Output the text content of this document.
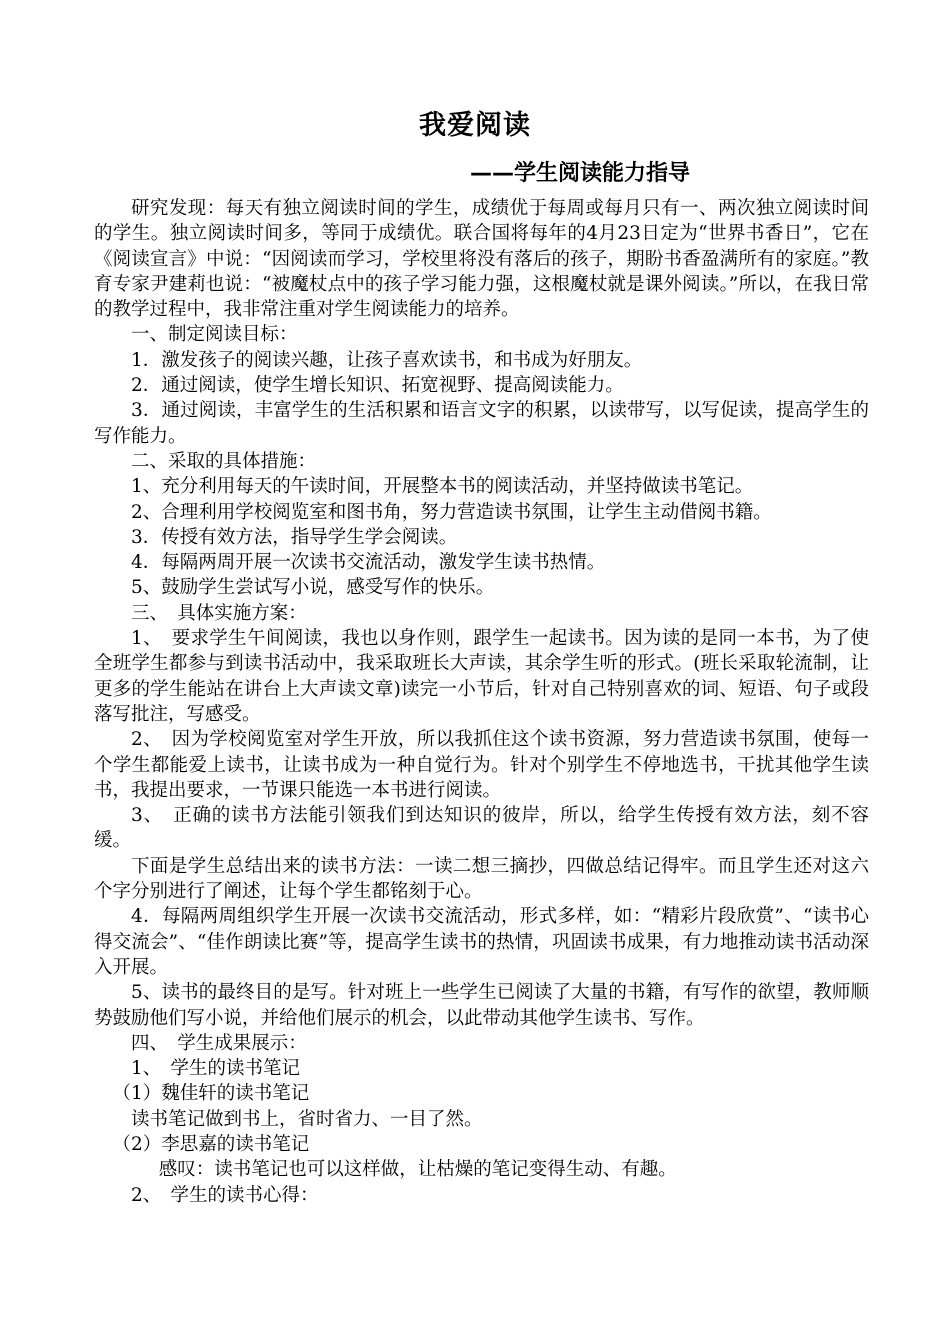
我爱阅读
——学生阅读能力指导

研究发现：每天有独立阅读时间的学生，成绩优于每周或每月只有一、两次独立阅读时间的学生。独立阅读时间多，等同于成绩优。联合国将每年的4月23日定为“世界书香日”，它在《阅读宣言》中说：“因阅读而学习，学校里将没有落后的孩子，期盼书香盈满所有的家庭。”教育专家尹建莉也说：“被魔杖点中的孩子学习能力强，这根魔杖就是课外阅读。”所以，在我日常的教学过程中，我非常注重对学生阅读能力的培养。

一、制定阅读目标：

1．激发孩子的阅读兴趣，让孩子喜欢读书，和书成为好朋友。

2．通过阅读，使学生增长知识、拓宽视野、提高阅读能力。

3．通过阅读，丰富学生的生活积累和语言文字的积累，以读带写，以写促读，提高学生的写作能力。

二、采取的具体措施：

1、充分利用每天的午读时间，开展整本书的阅读活动，并坚持做读书笔记。

2、合理利用学校阅览室和图书角，努力营造读书氛围，让学生主动借阅书籍。

3．传授有效方法，指导学生学会阅读。

4．每隔两周开展一次读书交流活动，激发学生读书热情。

5、鼓励学生尝试写小说，感受写作的快乐。

三、　具体实施方案：

1、　要求学生午间阅读，我也以身作则，跟学生一起读书。因为读的是同一本书，为了使全班学生都参与到读书活动中，我采取班长大声读，其余学生听的形式。(班长采取轮流制，让更多的学生能站在讲台上大声读文章)读完一小节后，针对自己特别喜欢的词、短语、句子或段落写批注，写感受。

2、　因为学校阅览室对学生开放，所以我抓住这个读书资源，努力营造读书氛围，使每一个学生都能爱上读书，让读书成为一种自觉行为。针对个别学生不停地选书，干扰其他学生读书，我提出要求，一节课只能选一本书进行阅读。

3、　正确的读书方法能引领我们到达知识的彼岸，所以，给学生传授有效方法，刻不容缓。

下面是学生总结出来的读书方法：一读二想三摘抄，四做总结记得牢。而且学生还对这六个字分别进行了阐述，让每个学生都铭刻于心。

4．每隔两周组织学生开展一次读书交流活动，形式多样，如：“精彩片段欣赏”、“读书心得交流会”、“佳作朗读比赛”等，提高学生读书的热情，巩固读书成果，有力地推动读书活动深入开展。

5、读书的最终目的是写。针对班上一些学生已阅读了大量的书籍，有写作的欲望，教师顺势鼓励他们写小说，并给他们展示的机会，以此带动其他学生读书、写作。

四、　学生成果展示：

1、　学生的读书笔记

（1）魏佳轩的读书笔记

读书笔记做到书上，省时省力、一目了然。

（2）李思嘉的读书笔记

感叹：读书笔记也可以这样做，让枯燥的笔记变得生动、有趣。

2、　学生的读书心得：
